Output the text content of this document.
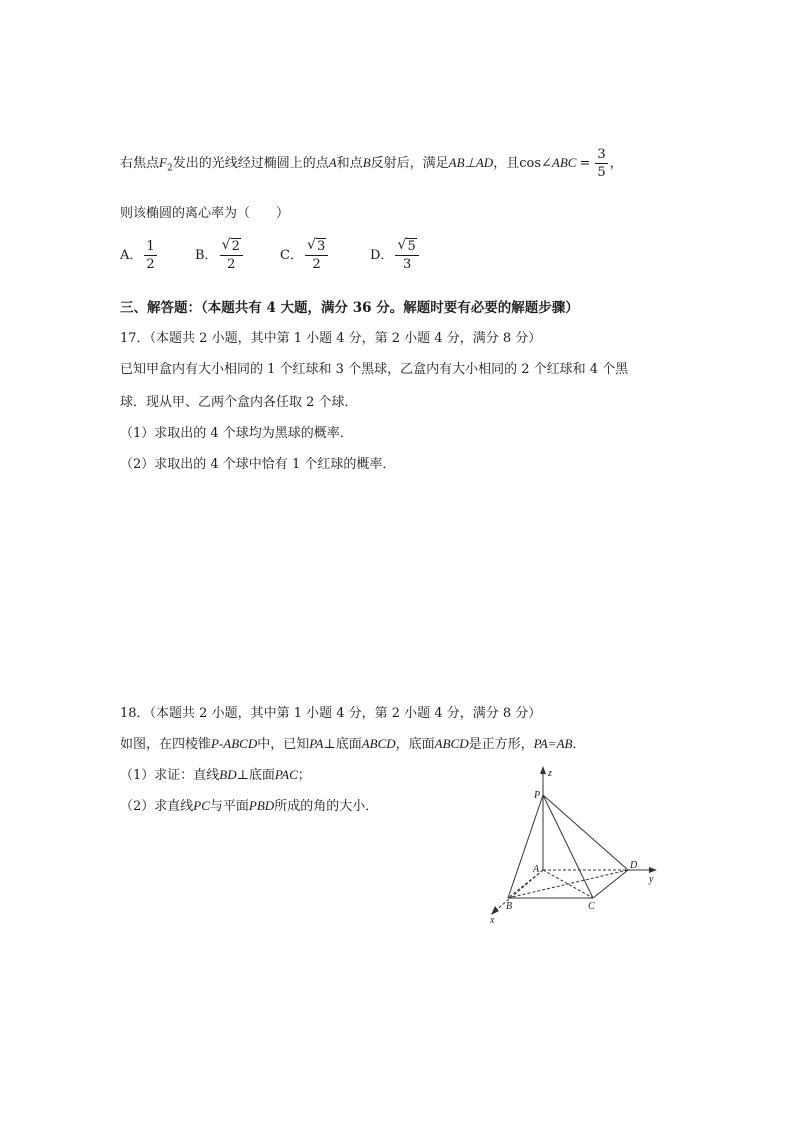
右焦点$F_2$发出的光线经过椭圆上的点A和点B反射后，满足AB⊥AD，且cos∠ABC = $\frac{3}{5}$ ，
则该椭圆的离心率为（　　）
A． $\frac{1}{2}$	B． $\frac{√ 2}{2}$	C． $\frac{√ 3}{2}$	D． $\frac{√ 5}{3}$
三、解答题：（本题共有 4 大题，满分 36 分。解题时要有必要的解题步骤）
17．（本题共 2 小题，其中第 1 小题 4 分，第 2 小题 4 分，满分 8 分）
已知甲盒内有大小相同的 1 个红球和 3 个黑球，乙盒内有大小相同的 2 个红球和 4 个黑
球．现从甲、乙两个盒内各任取 2 个球．
（1）求取出的 4 个球均为黑球的概率．
（2）求取出的 4 个球中恰有 1 个红球的概率．
18．（本题共 2 小题，其中第 1 小题 4 分，第 2 小题 4 分，满分 8 分）
如图，在四棱锥P-ABCD中，已知PA⊥底面ABCD，底面ABCD是正方形，PA=AB．
（1）求证：直线BD⊥底面PAC；
（2）求直线PC与平面PBD所成的角的大小．
z
P
A	D
y
B	C
x
